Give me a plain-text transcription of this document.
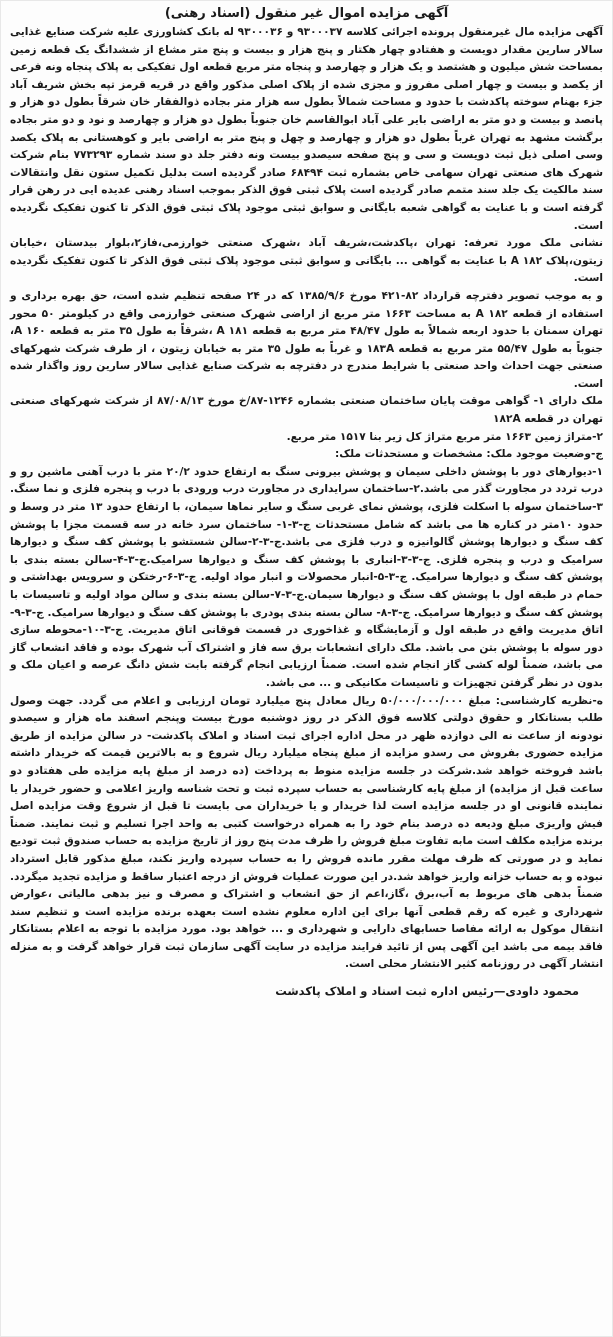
آگهی مزایده اموال غیر منقول (اسناد رهنی)

آگهی مزایده مال غیرمنقول پرونده اجرائی کلاسه ۹۳۰۰۰۳۷ و ۹۳۰۰۰۳۶ له بانک کشاورزی علیه شرکت صنایع غذایی سالار سارین مقدار دویست و هفتادو چهار هکتار و پنج هزار و بیست و پنج متر مشاع از ششدانگ یک قطعه زمین بمساحت شش میلیون و هشتصد و یک هزار و چهارصد و پنجاه متر مربع قطعه اول تفکیکی به پلاک پنجاه ونه فرعی از یکصد و بیست و چهار اصلی مفروز و مجزی شده از پلاک اصلی مذکور واقع در قریه قرمز تپه بخش شریف آباد جزء بهنام سوخته پاکدشت با حدود و مساحت شمالاً بطول سه هزار متر بجاده ذوالفقار خان شرقاً بطول دو هزار و پانصد و بیست و دو متر به اراضی بایر علی آباد ابوالقاسم خان جنوباً بطول دو هزار و چهارصد و نود و دو متر بجاده برگشت مشهد به تهران غرباً بطول دو هزار و چهارصد و چهل و پنج متر به اراضی بایر و کوهستانی به پلاک یکصد وسی اصلی ذیل ثبت دویست و سی و پنج صفحه سیصدو بیست ونه دفتر جلد دو سند شماره ۷۷۳۲۹۳ بنام شرکت شهرک های صنعتی تهران سهامی خاص بشماره ثبت ۶۸۴۹۴ صادر گردیده است بدلیل تکمیل ستون نقل وانتقالات سند مالکیت یک جلد سند متمم صادر گردیده است پلاک ثبتی فوق الذکر بموجب اسناد رهنی عدیده ایی در رهن قرار گرفته است و با عنایت به گواهی شعبه بایگانی و سوابق ثبتی موجود پلاک ثبتی فوق الذکر تا کنون تفکیک نگردیده است.

نشانی ملک مورد تعرفه: تهران ،پاکدشت،شریف آباد ،شهرک صنعتی خوارزمی،فاز۲،بلوار بیدستان ،خیابان زیتون،پلاک ۱۸۲ A با عنایت به گواهی ... بایگانی و سوابق ثبتی موجود پلاک ثبتی فوق الذکر تا کنون تفکیک نگردیده است.

و به موجب تصویر دفترچه قرارداد ۸۲-۴۲۱ مورخ ۱۳۸۵/۹/۶ که در ۲۴ صفحه تنظیم شده است، حق بهره برداری و استفاده از قطعه ۱۸۲ A به مساحت ۱۶۶۳ متر مربع از اراضی شهرک صنعتی خوارزمی واقع در کیلومتر ۵۰ محور تهران سمنان با حدود اربعه شمالاً به طول ۴۸/۴۷ متر مربع به قطعه ۱۸۱ A ،شرقاً به طول ۳۵ متر به قطعه ۱۶۰ A، جنوباً به طول ۵۵/۴۷ متر مربع به قطعه ۱۸۳A و غرباً به طول ۳۵ متر به خیابان زیتون ، از طرف شرکت شهرکهای صنعتی جهت احداث واحد صنعتی با شرایط مندرج در دفترچه به شرکت صنایع غذایی سالار سارین روز واگذار شده است.

ملک دارای ۱- گواهی موقت پایان ساختمان صنعتی بشماره ۱۲۴۶-۸۷/خ مورخ ۸۷/۰۸/۱۳ از شرکت شهرکهای صنعتی تهران در قطعه ۱۸۲A

۲-متراژ زمین ۱۶۶۳ متر مربع متراژ کل زیر بنا ۱۵۱۷ متر مربع.

ج-وضعیت موجود ملک: مشخصات و مستحدثات ملک:

۱-دیوارهای دور با پوشش داخلی سیمان و پوشش بیرونی سنگ به ارتفاع حدود ۲۰/۲ متر با درب آهنی ماشین رو و درب تردد در مجاورت گذر می باشد.۲-ساختمان سرایداری در مجاورت درب ورودی با درب و پنجره فلزی و نما سنگ. ۳-ساختمان سوله با اسکلت فلزی، پوشش نمای غربی سنگ و سایر نماها سیمان، با ارتفاع حدود ۱۳ متر در وسط و حدود ۱۰متر در کناره ها می باشد که شامل مستحدثات ج-۳-۱- ساختمان سرد خانه در سه قسمت مجزا با پوشش کف سنگ و دیوارها پوشش گالوانیزه و درب فلزی می باشد.ج-۳-۲-سالن شستشو با پوشش کف سنگ و دیوارها سرامیک و درب و پنجره فلزی. ج-۳-۳-انباری با پوشش کف سنگ و دیوارها سرامیک.ج-۳-۴-سالن بسته بندی با پوشش کف سنگ و دیوارها سرامیک. ج-۳-۵-انبار محصولات و انبار مواد اولیه. ج-۳-۶-رختکن و سرویس بهداشتی و حمام در طبقه اول با پوشش کف سنگ و دیوارها سیمان.ج-۳-۷-سالن بسته بندی و سالن مواد اولیه و تاسیسات با پوشش کف سنگ و دیوارها سرامیک. ج-۳-۸- سالن بسته بندی پودری با پوشش کف سنگ و دیوارها سرامیک. ج-۳-۹-اتاق مدیریت واقع در طبقه اول و آزمایشگاه و غذاخوری در قسمت فوقانی اتاق مدیریت. ج-۳-۱۰-محوطه سازی دور سوله با پوشش بتن می باشد. ملک دارای انشعابات برق سه فاز و اشتراک آب شهرک بوده و فاقد انشعاب گاز می باشد، ضمناً لوله کشی گاز انجام شده است. ضمناً ارزیابی انجام گرفته بابت شش دانگ عرصه و اعیان ملک و بدون در نظر گرفتن تجهیزات و تاسیسات مکانیکی و ... می باشد.

ه-نظریه کارشناسی: مبلغ ۵۰/۰۰۰/۰۰۰/۰۰۰ ریال معادل پنج میلیارد تومان ارزیابی و اعلام می گردد. جهت وصول طلب بستانکار و حقوق دولتی کلاسه فوق الذکر در روز دوشنبه مورخ بیست وپنجم اسفند ماه هزار و سیصدو نودونه از ساعت نه الی دوازده ظهر در محل اداره اجرای ثبت اسناد و املاک پاکدشت- در سالن مزایده از طریق مزایده حضوری بفروش می رسدو مزایده از مبلغ پنجاه میلیارد ریال شروع و به بالاترین قیمت که خریدار داشته باشد فروخته خواهد شد.شرکت در جلسه مزایده منوط به پرداخت (ده درصد از مبلغ پایه مزایده طی هفتادو دو ساعت قبل از مزایده) از مبلغ پایه کارشناسی به حساب سپرده ثبت و تحت شناسه واریز اعلامی و حضور خریدار یا نماینده قانونی او در جلسه مزایده است لذا خریدار و یا خریداران می بایست تا قبل از شروع وقت مزایده اصل فیش واریزی مبلغ ودیعه ده درصد بنام خود را به همراه درخواست کتبی به واحد اجرا تسلیم و ثبت نمایند. ضمناً برنده مزایده مکلف است مابه تفاوت مبلغ فروش را ظرف مدت پنج روز از تاریخ مزایده به حساب صندوق ثبت تودیع نماید و در صورتی که ظرف مهلت مقرر مانده فروش را به حساب سپرده واریز نکند، مبلغ مذکور قابل استرداد نبوده و به حساب خزانه واریز خواهد شد.در این صورت عملیات فروش از درجه اعتبار ساقط و مزایده تجدید میگردد. ضمناً بدهی های مربوط به آب،برق ،گاز،اعم از حق انشعاب و اشتراک و مصرف و نیز بدهی مالیاتی ،عوارض شهرداری و غیره که رقم قطعی آنها برای این اداره معلوم نشده است بعهده برنده مزایده است و تنظیم سند انتقال موکول به ارائه مفاصا حسابهای دارایی و شهرداری و ... خواهد بود. مورد مزایده با توجه به اعلام بستانکار فاقد بیمه می باشد این آگهی پس از تائید فرایند مزایده در سایت آگهی سازمان ثبت قرار خواهد گرفت و به منزله انتشار آگهی در روزنامه کثیر الانتشار محلی است.

محمود داودی—رئیس اداره ثبت اسناد و املاک پاکدشت
